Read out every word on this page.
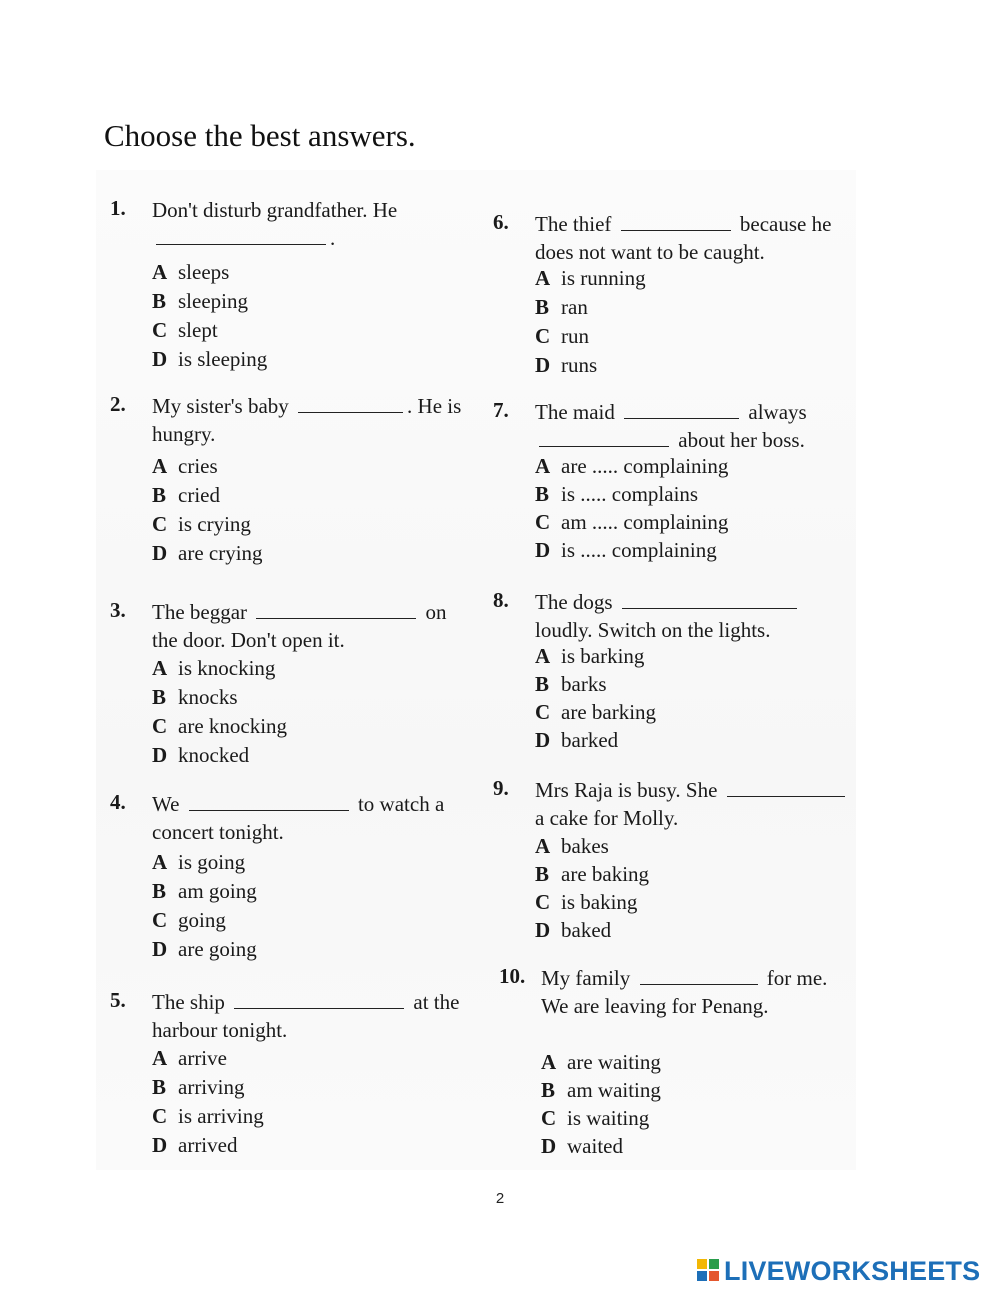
Choose the best answers.
1.	Don't disturb grandfather. He .
A sleeps
B sleeping
C slept
D is sleeping
2.	My sister's baby	. He is hungry.
A cries
B cried
C is crying
D are crying
3.	The beggar	on the door. Don't open it.
A is knocking
B knocks
C are knocking
D knocked
4.	We	to watch a concert tonight.
A is going
B am going
C going
D are going
5.	The ship	at the harbour tonight.
A arrive
B arriving
C is arriving
D arrived
6.	The thief	because he does not want to be caught.
A is running
B ran
C run
D runs
7.	The maid	always  about her boss.
A are ..... complaining
B is ..... complains
C am ..... complaining
D is ..... complaining
8.	The dogs  loudly. Switch on the lights.
A is barking
B barks
C are barking
D barked
9.	Mrs Raja is busy. She  a cake for Molly.
A bakes
B are baking
C is baking
D baked
10. My family	for me. We are leaving for Penang.
A are waiting
B am waiting
C is waiting
D waited
2
LIVEWORKSHEETS
